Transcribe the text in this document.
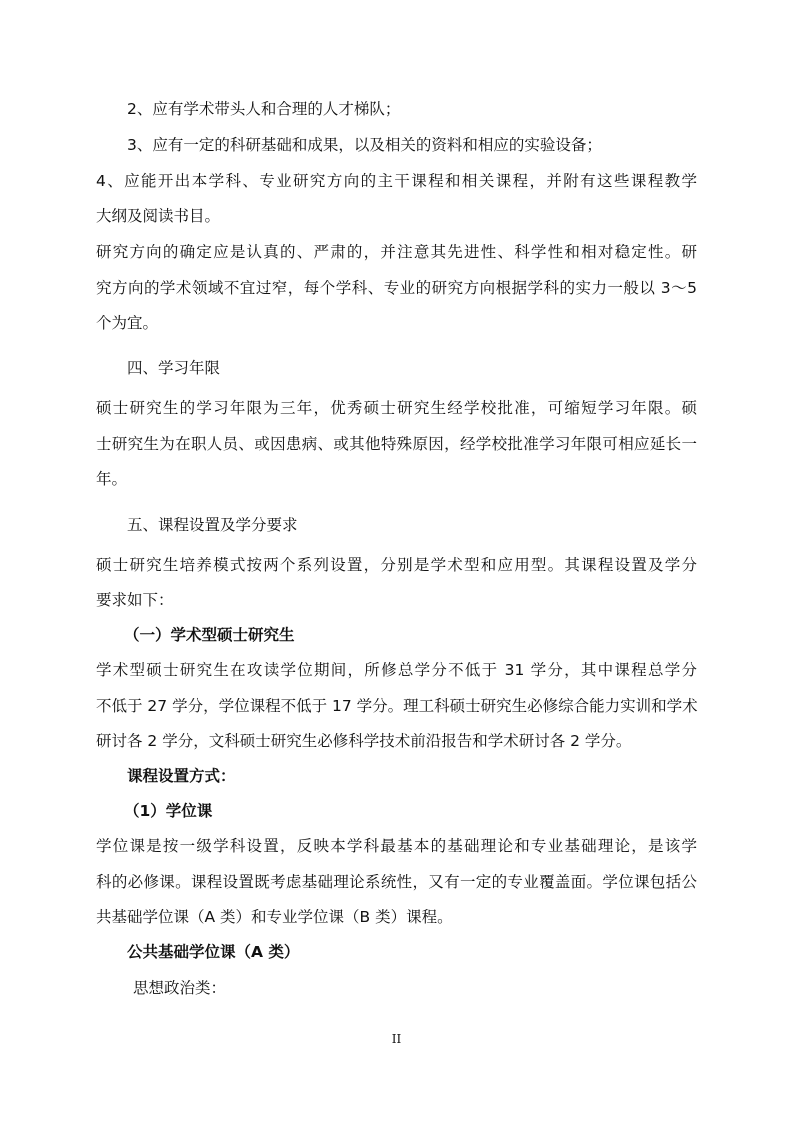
2、应有学术带头人和合理的人才梯队；

3、应有一定的科研基础和成果，以及相关的资料和相应的实验设备；

4、应能开出本学科、专业研究方向的主干课程和相关课程，并附有这些课程教学

大纲及阅读书目。

研究方向的确定应是认真的、严肃的，并注意其先进性、科学性和相对稳定性。研

究方向的学术领域不宜过窄，每个学科、专业的研究方向根据学科的实力一般以 3～5

个为宜。

四、学习年限

硕士研究生的学习年限为三年，优秀硕士研究生经学校批准，可缩短学习年限。硕

士研究生为在职人员、或因患病、或其他特殊原因，经学校批准学习年限可相应延长一

年。

五、课程设置及学分要求

硕士研究生培养模式按两个系列设置，分别是学术型和应用型。其课程设置及学分

要求如下：

（一）学术型硕士研究生

学术型硕士研究生在攻读学位期间，所修总学分不低于 31 学分，其中课程总学分

不低于 27 学分，学位课程不低于 17 学分。理工科硕士研究生必修综合能力实训和学术

研讨各 2 学分，文科硕士研究生必修科学技术前沿报告和学术研讨各 2 学分。

课程设置方式：

（1）学位课

学位课是按一级学科设置，反映本学科最基本的基础理论和专业基础理论，是该学

科的必修课。课程设置既考虑基础理论系统性，又有一定的专业覆盖面。学位课包括公

共基础学位课（A 类）和专业学位课（B 类）课程。

公共基础学位课（A 类）

思想政治类：

II
